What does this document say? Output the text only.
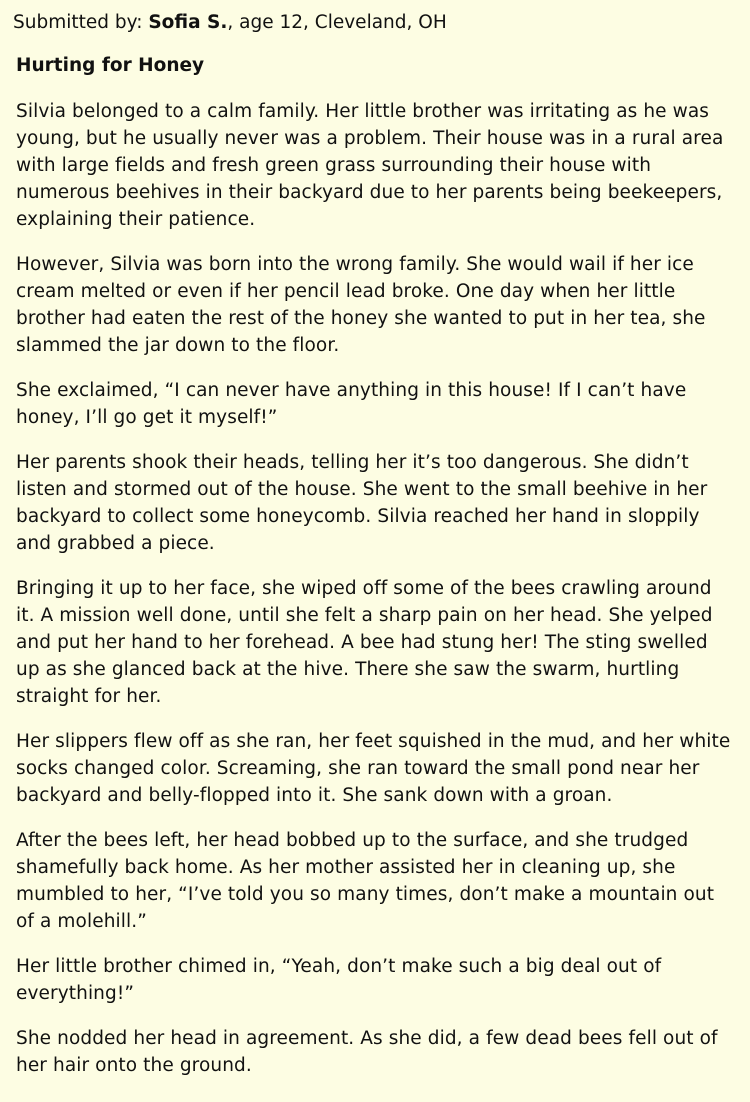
Submitted by: Sofia S., age 12, Cleveland, OH
Hurting for Honey

Silvia belonged to a calm family. Her little brother was irritating as he was young, but he usually never was a problem. Their house was in a rural area with large fields and fresh green grass surrounding their house with numerous beehives in their backyard due to her parents being beekeepers, explaining their patience.

However, Silvia was born into the wrong family. She would wail if her ice cream melted or even if her pencil lead broke. One day when her little brother had eaten the rest of the honey she wanted to put in her tea, she slammed the jar down to the floor.

She exclaimed, “I can never have anything in this house! If I can’t have honey, I’ll go get it myself!”

Her parents shook their heads, telling her it’s too dangerous. She didn’t listen and stormed out of the house. She went to the small beehive in her backyard to collect some honeycomb. Silvia reached her hand in sloppily and grabbed a piece.

Bringing it up to her face, she wiped off some of the bees crawling around it. A mission well done, until she felt a sharp pain on her head. She yelped and put her hand to her forehead. A bee had stung her! The sting swelled up as she glanced back at the hive. There she saw the swarm, hurtling straight for her.

Her slippers flew off as she ran, her feet squished in the mud, and her white socks changed color. Screaming, she ran toward the small pond near her backyard and belly-flopped into it. She sank down with a groan.

After the bees left, her head bobbed up to the surface, and she trudged shamefully back home. As her mother assisted her in cleaning up, she mumbled to her, “I’ve told you so many times, don’t make a mountain out of a molehill.”

Her little brother chimed in, “Yeah, don’t make such a big deal out of everything!”

She nodded her head in agreement. As she did, a few dead bees fell out of her hair onto the ground.
